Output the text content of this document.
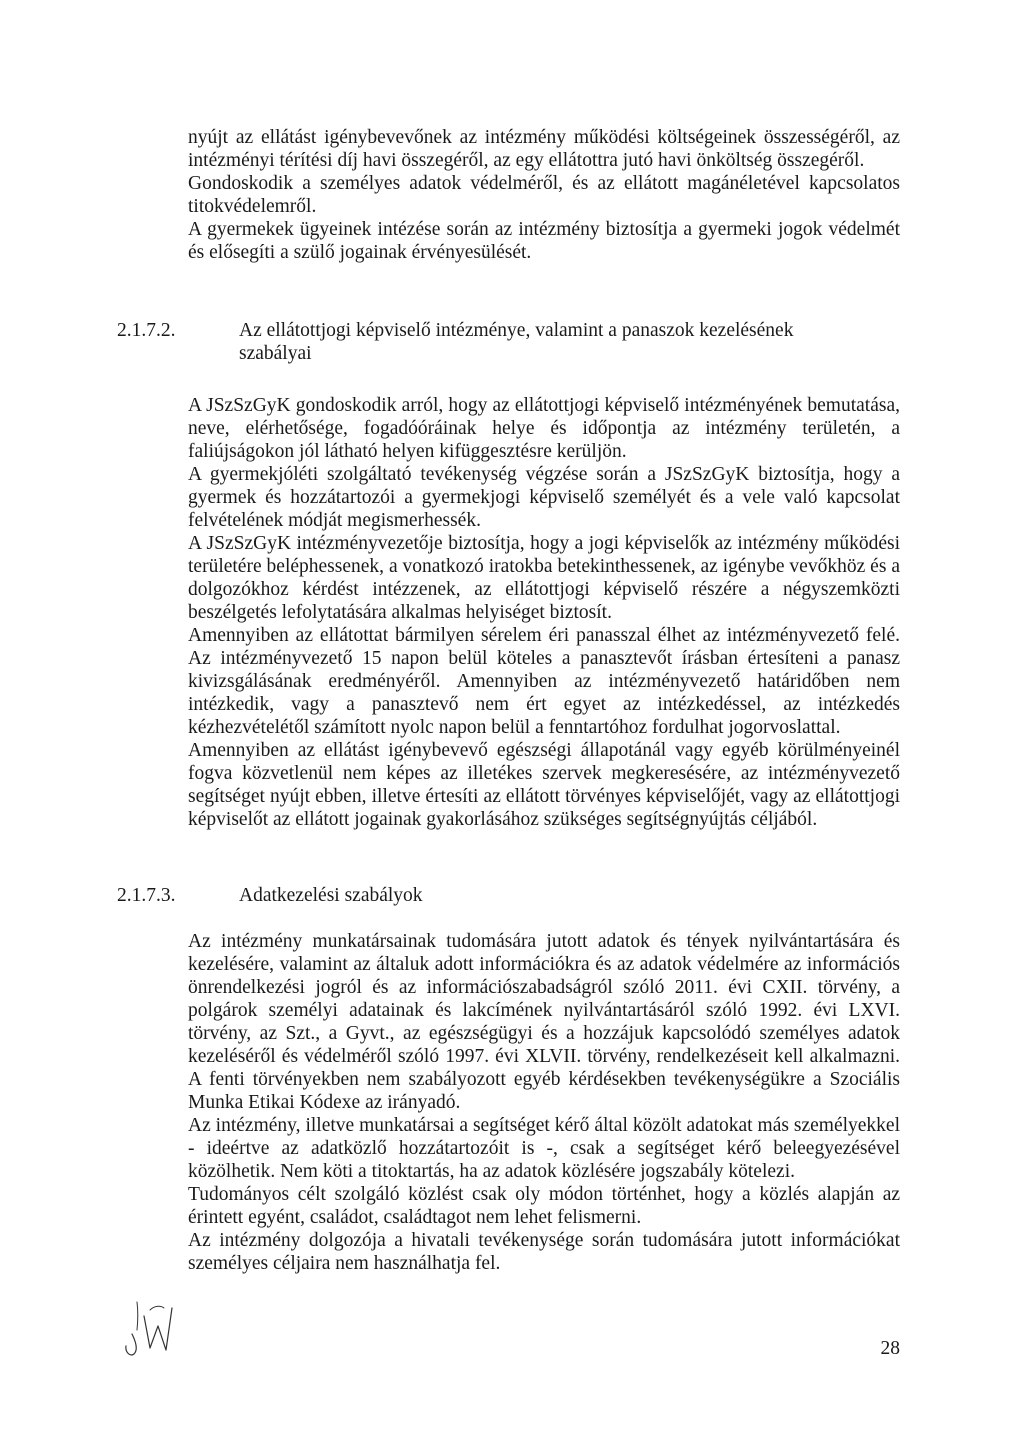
nyújt az ellátást igénybevevőnek az intézmény működési költségeinek összességéről, az intézményi térítési díj havi összegéről, az egy ellátottra jutó havi önköltség összegéről.

Gondoskodik a személyes adatok védelméről, és az ellátott magánéletével kapcsolatos titokvédelemről.

A gyermekek ügyeinek intézése során az intézmény biztosítja a gyermeki jogok védelmét és elősegíti a szülő jogainak érvényesülését.

2.1.7.2.	Az ellátottjogi képviselő intézménye, valamint a panaszok kezelésének szabályai

A JSzSzGyK gondoskodik arról, hogy az ellátottjogi képviselő intézményének bemutatása, neve, elérhetősége, fogadóóráinak helye és időpontja az intézmény területén, a faliújságokon jól látható helyen kifüggesztésre kerüljön.

A gyermekjóléti szolgáltató tevékenység végzése során a JSzSzGyK biztosítja, hogy a gyermek és hozzátartozói a gyermekjogi képviselő személyét és a vele való kapcsolat felvételének módját megismerhessék.

A JSzSzGyK intézményvezetője biztosítja, hogy a jogi képviselők az intézmény működési területére beléphessenek, a vonatkozó iratokba betekinthessenek, az igénybe vevőkhöz és a dolgozókhoz kérdést intézzenek, az ellátottjogi képviselő részére a négyszemközti beszélgetés lefolytatására alkalmas helyiséget biztosít.

Amennyiben az ellátottat bármilyen sérelem éri panasszal élhet az intézményvezető felé. Az intézményvezető 15 napon belül köteles a panasztevőt írásban értesíteni a panasz kivizsgálásának eredményéről. Amennyiben az intézményvezető határidőben nem intézkedik, vagy a panasztevő nem ért egyet az intézkedéssel, az intézkedés kézhezvételétől számított nyolc napon belül a fenntartóhoz fordulhat jogorvoslattal.

Amennyiben az ellátást igénybevevő egészségi állapotánál vagy egyéb körülményeinél fogva közvetlenül nem képes az illetékes szervek megkeresésére, az intézményvezető segítséget nyújt ebben, illetve értesíti az ellátott törvényes képviselőjét, vagy az ellátottjogi képviselőt az ellátott jogainak gyakorlásához szükséges segítségnyújtás céljából.

2.1.7.3.	Adatkezelési szabályok

Az intézmény munkatársainak tudomására jutott adatok és tények nyilvántartására és kezelésére, valamint az általuk adott információkra és az adatok védelmére az információs önrendelkezési jogról és az információszabadságról szóló 2011. évi CXII. törvény, a polgárok személyi adatainak és lakcímének nyilvántartásáról szóló 1992. évi LXVI. törvény, az Szt., a Gyvt., az egészségügyi és a hozzájuk kapcsolódó személyes adatok kezeléséről és védelméről szóló 1997. évi XLVII. törvény, rendelkezéseit kell alkalmazni. A fenti törvényekben nem szabályozott egyéb kérdésekben tevékenységükre a Szociális Munka Etikai Kódexe az irányadó.

Az intézmény, illetve munkatársai a segítséget kérő által közölt adatokat más személyekkel - ideértve az adatközlő hozzátartozóit is -, csak a segítséget kérő beleegyezésével közölhetik. Nem köti a titoktartás, ha az adatok közlésére jogszabály kötelezi.

Tudományos célt szolgáló közlést csak oly módon történhet, hogy a közlés alapján az érintett egyént, családot, családtagot nem lehet felismerni.

Az intézmény dolgozója a hivatali tevékenysége során tudomására jutott információkat személyes céljaira nem használhatja fel.

28
